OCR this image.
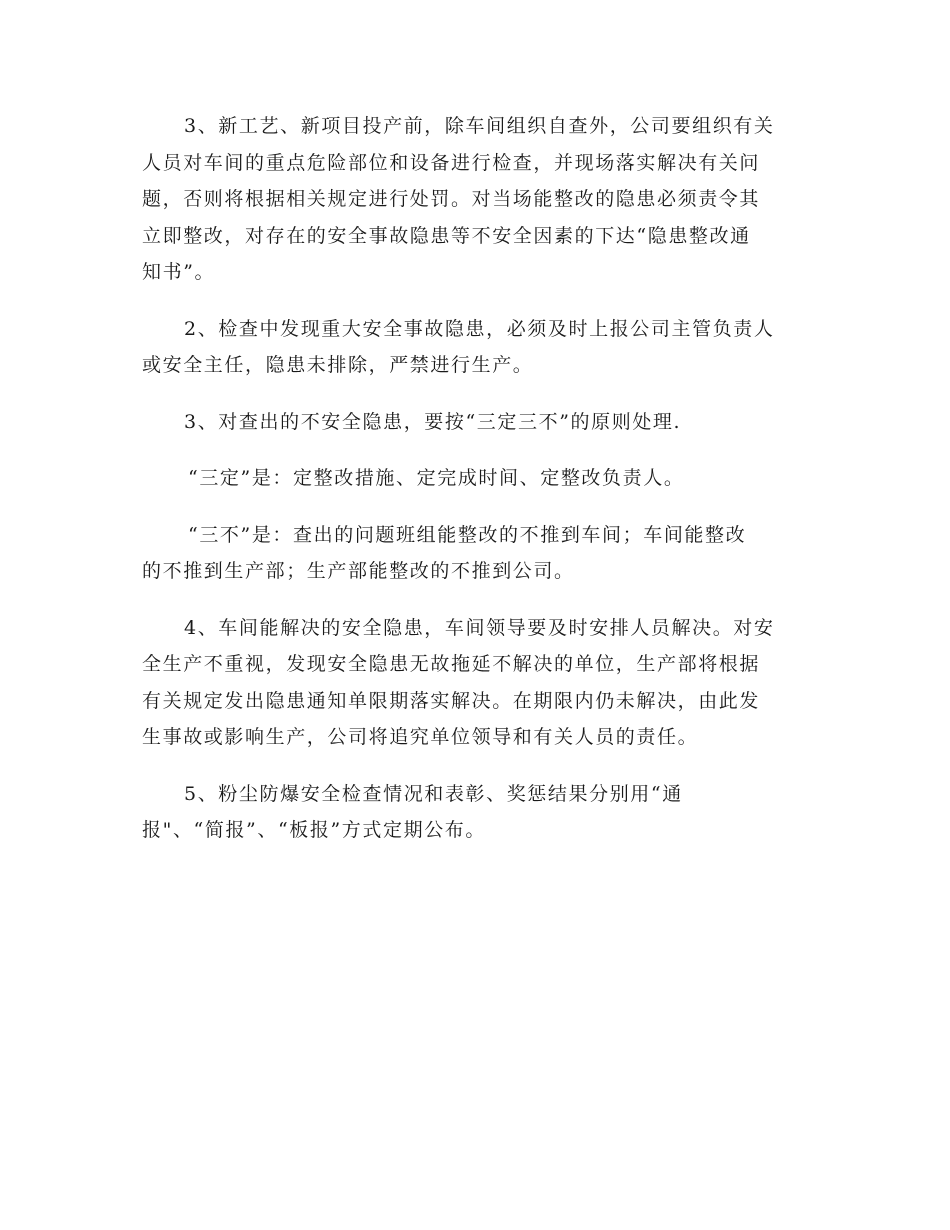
3、新工艺、新项目投产前，除车间组织自查外，公司要组织有关
人员对车间的重点危险部位和设备进行检查，并现场落实解决有关问
题，否则将根据相关规定进行处罚。对当场能整改的隐患必须责令其
立即整改，对存在的安全事故隐患等不安全因素的下达“隐患整改通
知书”。

2、检查中发现重大安全事故隐患，必须及时上报公司主管负责人
或安全主任，隐患未排除，严禁进行生产。

3、对查出的不安全隐患，要按“三定三不”的原则处理.

“三定”是：定整改措施、定完成时间、定整改负责人。

“三不”是：查出的问题班组能整改的不推到车间；车间能整改
的不推到生产部；生产部能整改的不推到公司。

4、车间能解决的安全隐患，车间领导要及时安排人员解决。对安
全生产不重视，发现安全隐患无故拖延不解决的单位，生产部将根据
有关规定发出隐患通知单限期落实解决。在期限内仍未解决，由此发
生事故或影响生产，公司将追究单位领导和有关人员的责任。

5、粉尘防爆安全检查情况和表彰、奖惩结果分别用“通
报"、“简报”、“板报”方式定期公布。
